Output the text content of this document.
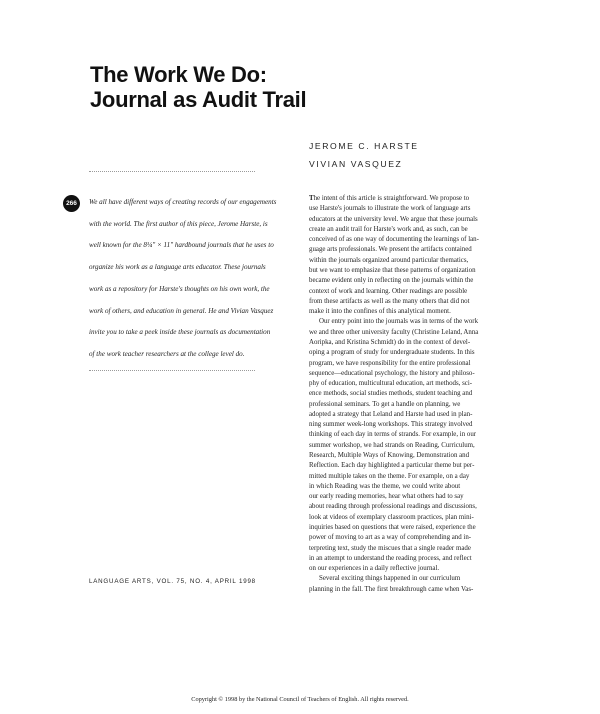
The Work We Do:
Journal as Audit Trail
JEROME C. HARSTE
VIVIAN VASQUEZ
266	We all have different ways of creating records of our engagements
with the world. The first author of this piece, Jerome Harste, is
well known for the 8¼" × 11" hardbound journals that he uses to
organize his work as a language arts educator. These journals
work as a repository for Harste's thoughts on his own work, the
work of others, and education in general. He and Vivian Vasquez
invite you to take a peek inside these journals as documentation
of the work teacher researchers at the college level do.
LANGUAGE ARTS, VOL. 75, NO. 4, APRIL 1998
The intent of this article is straightforward. We propose to
use Harste's journals to illustrate the work of language arts
educators at the university level. We argue that these journals
create an audit trail for Harste's work and, as such, can be
conceived of as one way of documenting the learnings of lan-
guage arts professionals. We present the artifacts contained
within the journals organized around particular thematics,
but we want to emphasize that these patterns of organization
became evident only in reflecting on the journals within the
context of work and learning. Other readings are possible
from these artifacts as well as the many others that did not
make it into the confines of this analytical moment.
Our entry point into the journals was in terms of the work
we and three other university faculty (Christine Leland, Anna
Aoripka, and Kristina Schmidt) do in the context of devel-
oping a program of study for undergraduate students. In this
program, we have responsibility for the entire professional
sequence—educational psychology, the history and philoso-
phy of education, multicultural education, art methods, sci-
ence methods, social studies methods, student teaching and
professional seminars. To get a handle on planning, we
adopted a strategy that Leland and Harste had used in plan-
ning summer week-long workshops. This strategy involved
thinking of each day in terms of strands. For example, in our
summer workshop, we had strands on Reading, Curriculum,
Research, Multiple Ways of Knowing, Demonstration and
Reflection. Each day highlighted a particular theme but per-
mitted multiple takes on the theme. For example, on a day
in which Reading was the theme, we could write about
our early reading memories, hear what others had to say
about reading through professional readings and discussions,
look at videos of exemplary classroom practices, plan mini-
inquiries based on questions that were raised, experience the
power of moving to art as a way of comprehending and in-
terpreting text, study the miscues that a single reader made
in an attempt to understand the reading process, and reflect
on our experiences in a daily reflective journal.
Several exciting things happened in our curriculum
planning in the fall. The first breakthrough came when Vas-
Copyright © 1998 by the National Council of Teachers of English. All rights reserved.
